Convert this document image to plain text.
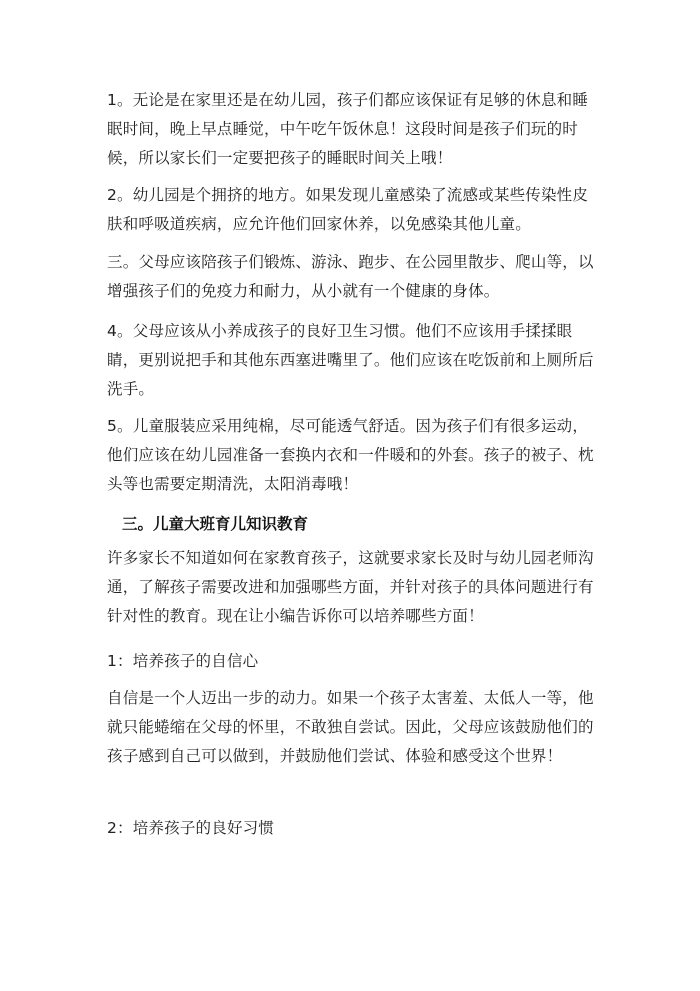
1。无论是在家里还是在幼儿园，孩子们都应该保证有足够的休息和睡眠时间，晚上早点睡觉，中午吃午饭休息！这段时间是孩子们玩的时候，所以家长们一定要把孩子的睡眠时间关上哦！

2。幼儿园是个拥挤的地方。如果发现儿童感染了流感或某些传染性皮肤和呼吸道疾病，应允许他们回家休养，以免感染其他儿童。

三。父母应该陪孩子们锻炼、游泳、跑步、在公园里散步、爬山等，以增强孩子们的免疫力和耐力，从小就有一个健康的身体。

4。父母应该从小养成孩子的良好卫生习惯。他们不应该用手揉揉眼睛，更别说把手和其他东西塞进嘴里了。他们应该在吃饭前和上厕所后洗手。

5。儿童服装应采用纯棉，尽可能透气舒适。因为孩子们有很多运动，他们应该在幼儿园准备一套换内衣和一件暖和的外套。孩子的被子、枕头等也需要定期清洗，太阳消毒哦！

三。儿童大班育儿知识教育

许多家长不知道如何在家教育孩子，这就要求家长及时与幼儿园老师沟通，了解孩子需要改进和加强哪些方面，并针对孩子的具体问题进行有针对性的教育。现在让小编告诉你可以培养哪些方面！

1：培养孩子的自信心

自信是一个人迈出一步的动力。如果一个孩子太害羞、太低人一等，他就只能蜷缩在父母的怀里，不敢独自尝试。因此，父母应该鼓励他们的孩子感到自己可以做到，并鼓励他们尝试、体验和感受这个世界！

2：培养孩子的良好习惯
